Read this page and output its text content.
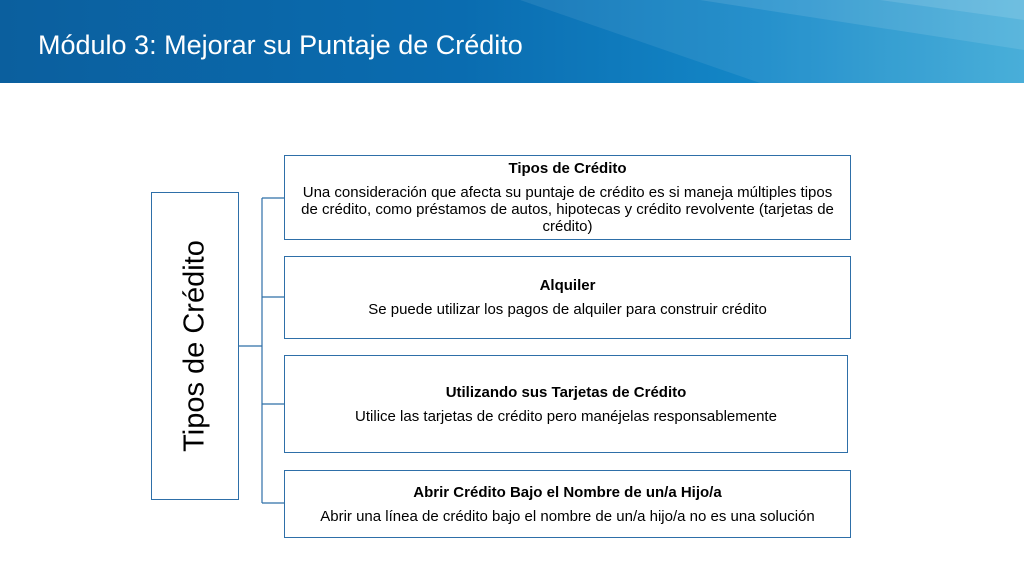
Módulo 3: Mejorar su Puntaje de Crédito
Tipos de Crédito
Tipos de Crédito
Una consideración que afecta su puntaje de crédito es si maneja múltiples tipos de crédito, como préstamos de autos, hipotecas y crédito revolvente (tarjetas de crédito)
Alquiler
Se puede utilizar los pagos de alquiler para construir crédito
Utilizando sus Tarjetas de Crédito
Utilice las tarjetas de crédito pero manéjelas responsablemente
Abrir Crédito Bajo el Nombre de un/a Hijo/a
Abrir una línea de crédito bajo el nombre de un/a hijo/a no es una solución
